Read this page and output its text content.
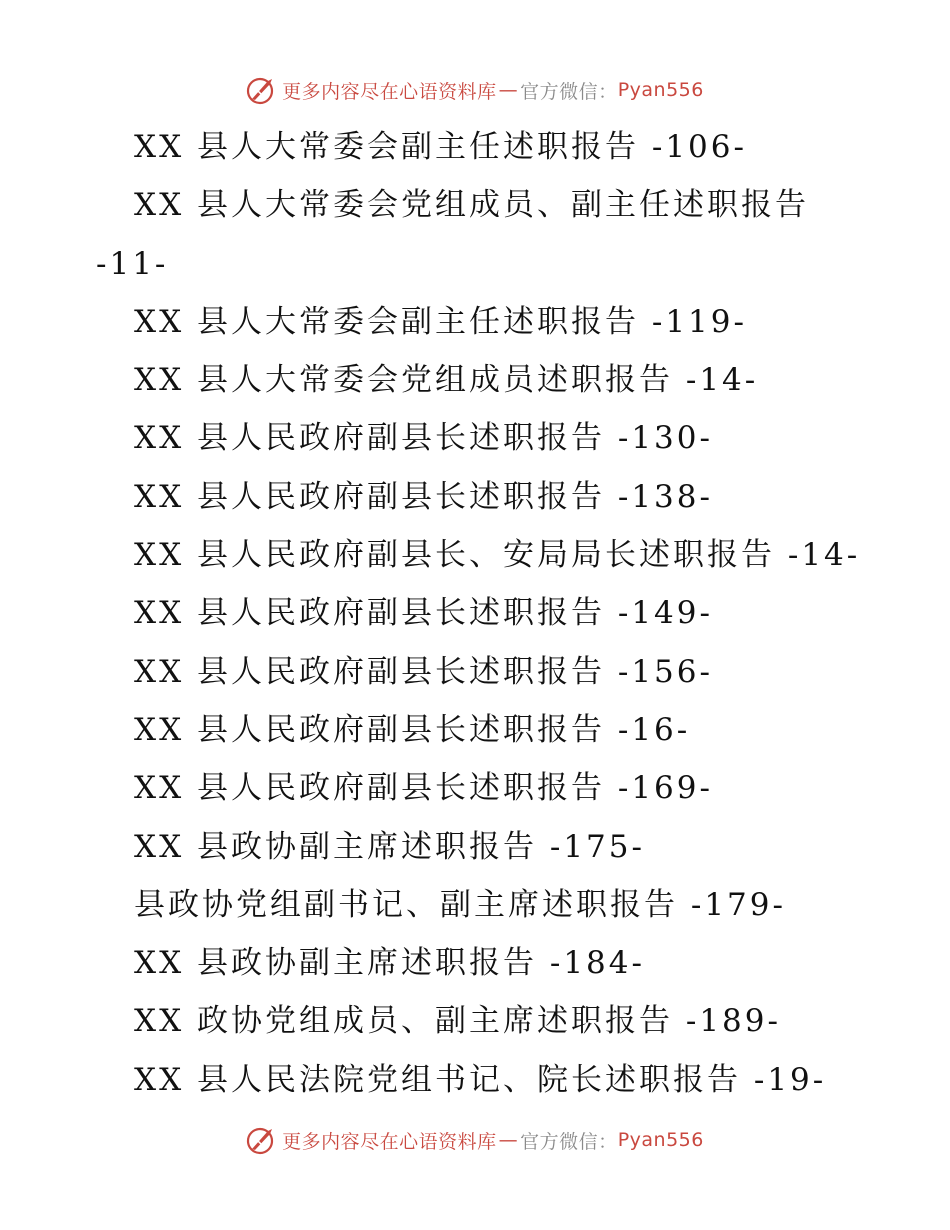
更多内容尽在心语资料库 — 官方微信： Pyan556
XX 县人大常委会副主任述职报告 -106-
XX 县人大常委会党组成员、副主任述职报告
-11-
XX 县人大常委会副主任述职报告 -119-
XX 县人大常委会党组成员述职报告 -14-
XX 县人民政府副县长述职报告 -130-
XX 县人民政府副县长述职报告 -138-
XX 县人民政府副县长、安局局长述职报告 -14-
XX 县人民政府副县长述职报告 -149-
XX 县人民政府副县长述职报告 -156-
XX 县人民政府副县长述职报告 -16-
XX 县人民政府副县长述职报告 -169-
XX 县政协副主席述职报告 -175-
县政协党组副书记、副主席述职报告 -179-
XX 县政协副主席述职报告 -184-
XX 政协党组成员、副主席述职报告 -189-
XX 县人民法院党组书记、院长述职报告 -19-
更多内容尽在心语资料库 — 官方微信： Pyan556
